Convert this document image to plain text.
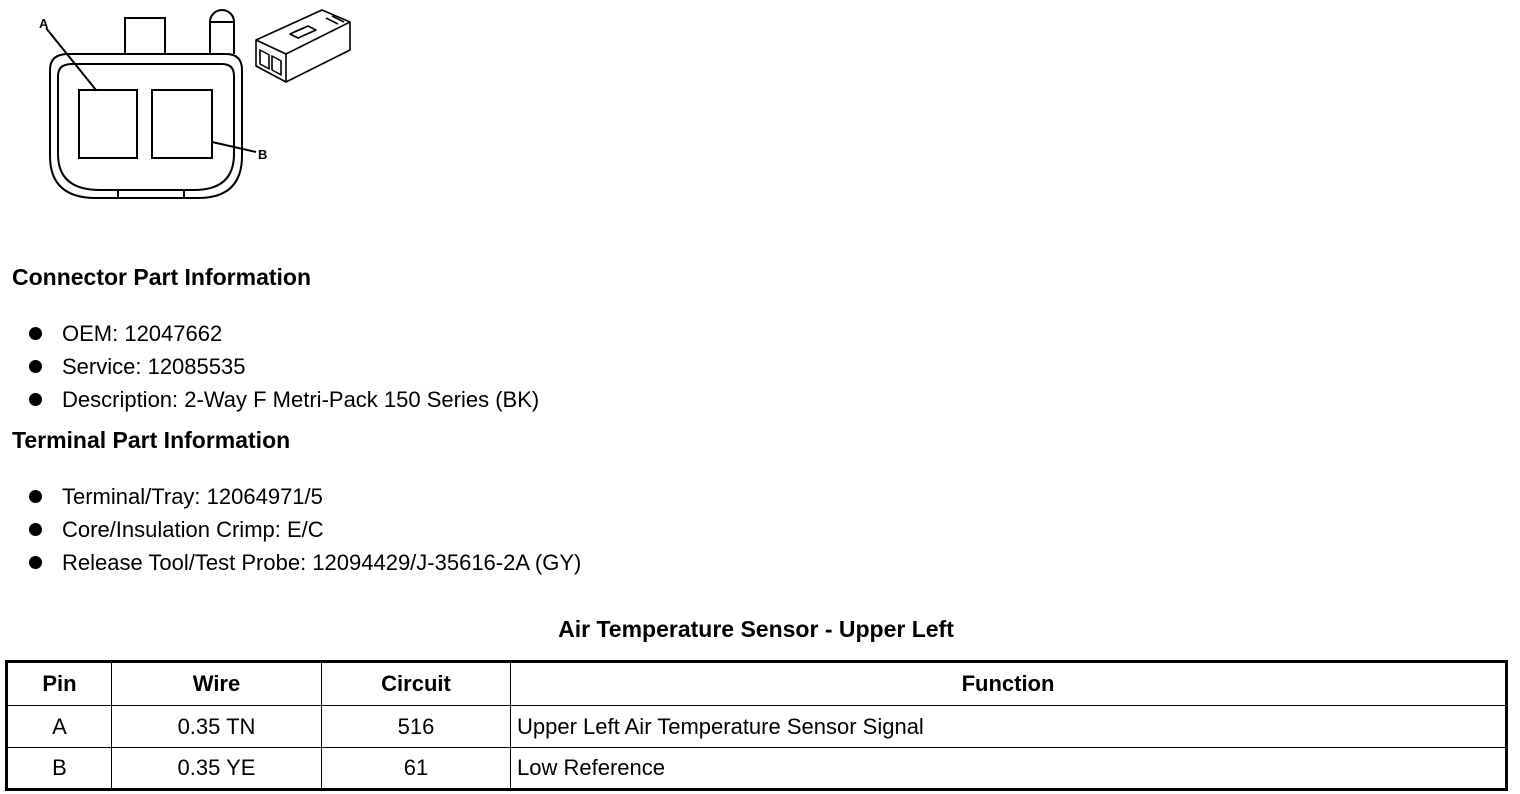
A
B
Connector Part Information
OEM: 12047662
Service: 12085535
Description: 2-Way F Metri-Pack 150 Series (BK)
Terminal Part Information
Terminal/Tray: 12064971/5
Core/Insulation Crimp: E/C
Release Tool/Test Probe: 12094429/J-35616-2A (GY)
Air Temperature Sensor - Upper Left
Pin	Wire	Circuit	Function
A	0.35 TN	516	Upper Left Air Temperature Sensor Signal
B	0.35 YE	61	Low Reference
